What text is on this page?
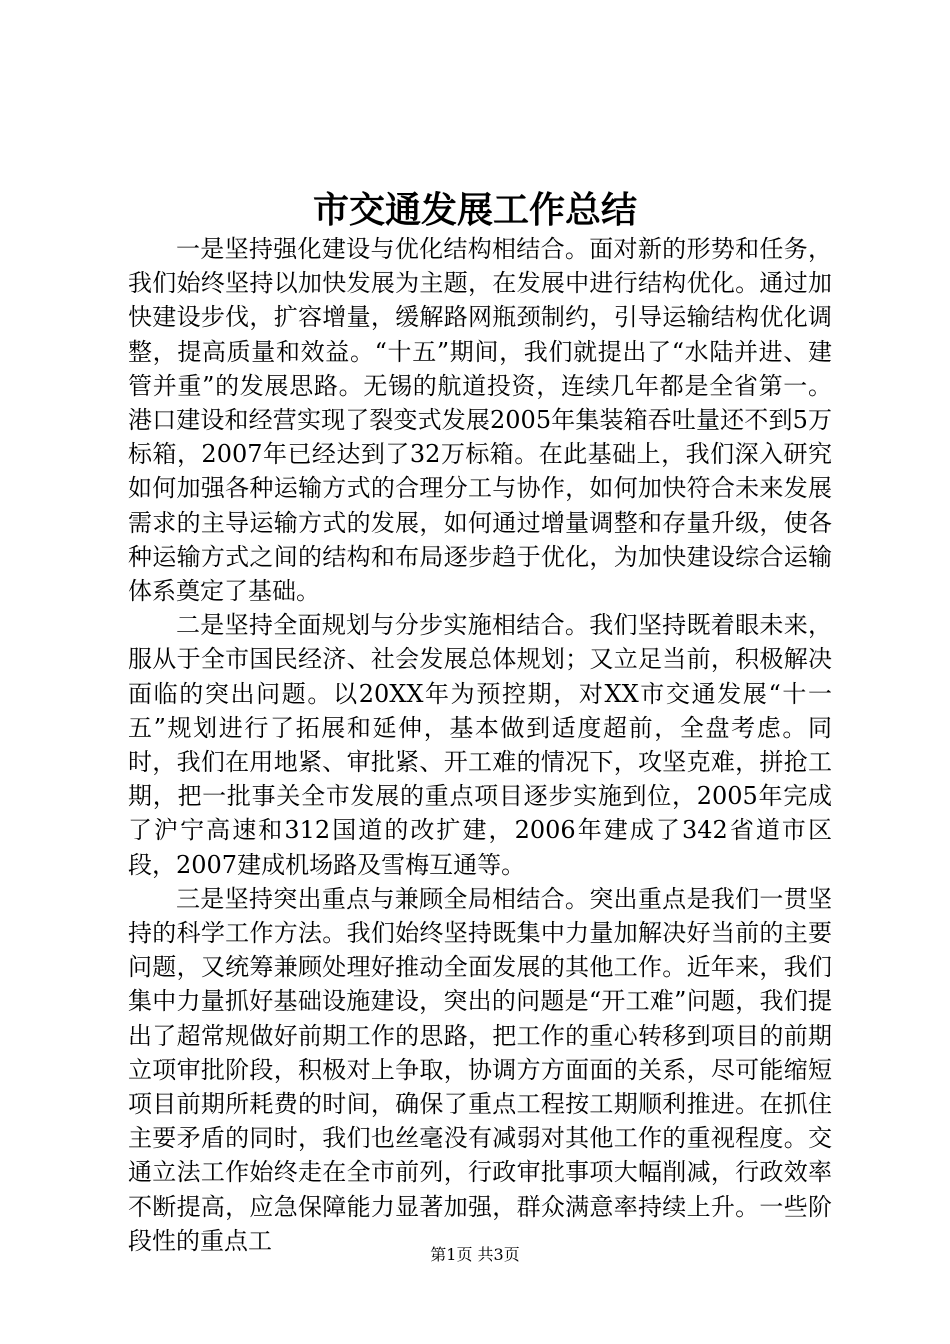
市交通发展工作总结

一是坚持强化建设与优化结构相结合。面对新的形势和任务，我们始终坚持以加快发展为主题，在发展中进行结构优化。通过加快建设步伐，扩容增量，缓解路网瓶颈制约，引导运输结构优化调整，提高质量和效益。“十五”期间，我们就提出了“水陆并进、建管并重”的发展思路。无锡的航道投资，连续几年都是全省第一。港口建设和经营实现了裂变式发展2005年集装箱吞吐量还不到5万标箱，2007年已经达到了32万标箱。在此基础上，我们深入研究如何加强各种运输方式的合理分工与协作，如何加快符合未来发展需求的主导运输方式的发展，如何通过增量调整和存量升级，使各种运输方式之间的结构和布局逐步趋于优化，为加快建设综合运输体系奠定了基础。

二是坚持全面规划与分步实施相结合。我们坚持既着眼未来，服从于全市国民经济、社会发展总体规划；又立足当前，积极解决面临的突出问题。以20XX年为预控期，对XX市交通发展“十一五”规划进行了拓展和延伸，基本做到适度超前，全盘考虑。同时，我们在用地紧、审批紧、开工难的情况下，攻坚克难，拼抢工期，把一批事关全市发展的重点项目逐步实施到位，2005年完成了沪宁高速和312国道的改扩建，2006年建成了342省道市区段，2007建成机场路及雪梅互通等。

三是坚持突出重点与兼顾全局相结合。突出重点是我们一贯坚持的科学工作方法。我们始终坚持既集中力量加解决好当前的主要问题，又统筹兼顾处理好推动全面发展的其他工作。近年来，我们集中力量抓好基础设施建设，突出的问题是“开工难”问题，我们提出了超常规做好前期工作的思路，把工作的重心转移到项目的前期立项审批阶段，积极对上争取，协调方方面面的关系，尽可能缩短项目前期所耗费的时间，确保了重点工程按工期顺利推进。在抓住主要矛盾的同时，我们也丝毫没有减弱对其他工作的重视程度。交通立法工作始终走在全市前列，行政审批事项大幅削减，行政效率不断提高，应急保障能力显著加强，群众满意率持续上升。一些阶段性的重点工	第1页 共3页
